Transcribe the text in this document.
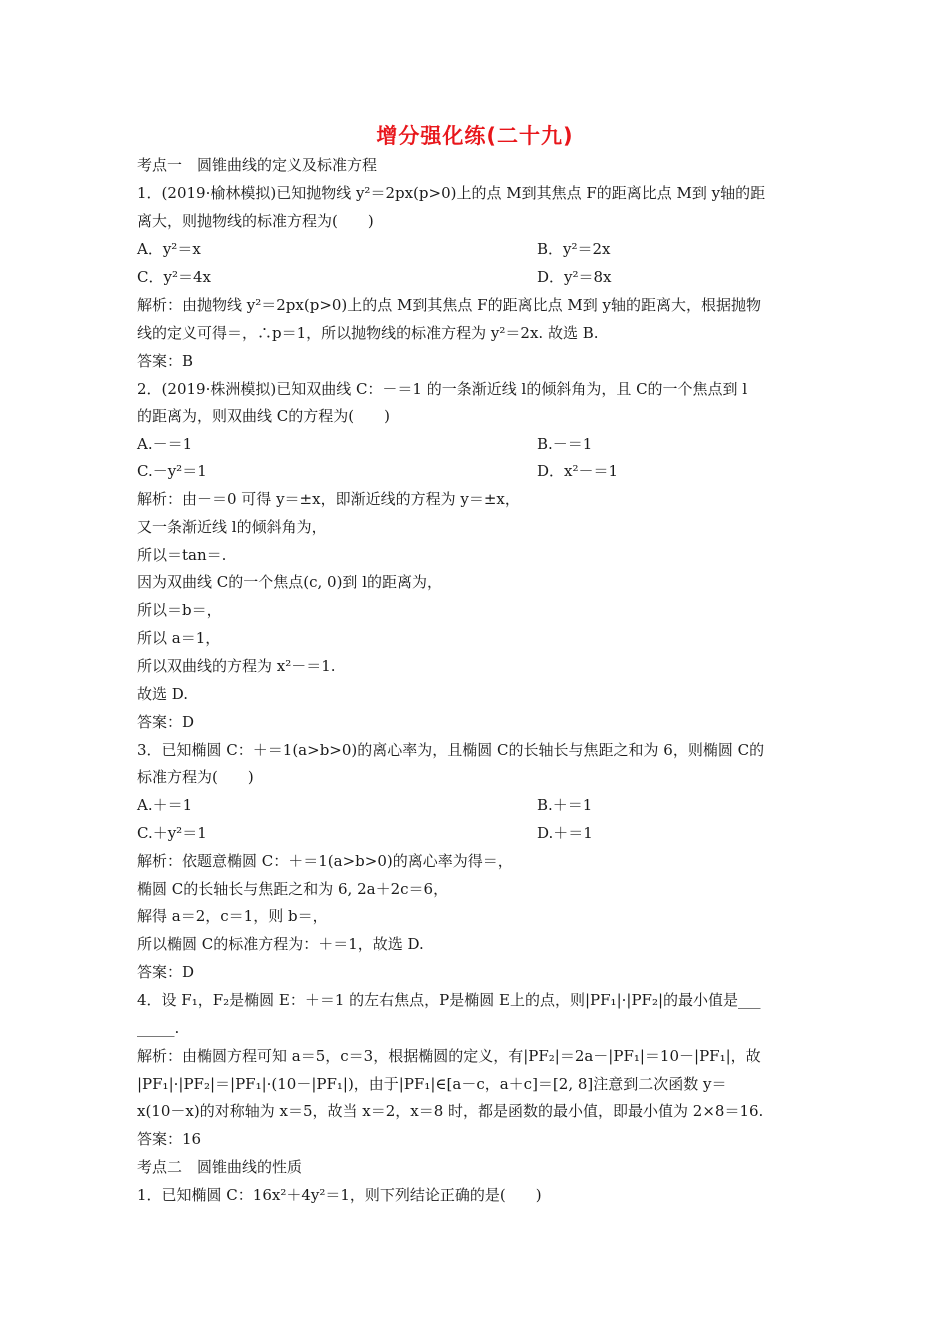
增分强化练(二十九)
考点一　圆锥曲线的定义及标准方程
1．(2019·榆林模拟)已知抛物线 y²＝2px(p>0)上的点 M到其焦点 F的距离比点 M到 y轴的距
离大，则抛物线的标准方程为(　　)
A．y²＝x	B．y²＝2x
C．y²＝4x	D．y²＝8x
解析：由抛物线 y²＝2px(p>0)上的点 M到其焦点 F的距离比点 M到 y轴的距离大，根据抛物
线的定义可得＝，∴p＝1，所以抛物线的标准方程为 y²＝2x. 故选 B.
答案：B
2．(2019·株洲模拟)已知双曲线 C：－＝1 的一条渐近线 l的倾斜角为，且 C的一个焦点到 l
的距离为，则双曲线 C的方程为(　　)
A.－＝1	B.－＝1
C.－y²＝1	D．x²－＝1
解析：由－＝0 可得 y＝±x，即渐近线的方程为 y＝±x，
又一条渐近线 l的倾斜角为，
所以＝tan＝.
因为双曲线 C的一个焦点(c, 0)到 l的距离为，
所以＝b＝，
所以 a＝1，
所以双曲线的方程为 x²－＝1.
故选 D.
答案：D
3．已知椭圆 C：＋＝1(a>b>0)的离心率为，且椭圆 C的长轴长与焦距之和为 6，则椭圆 C的
标准方程为(　　)
A.＋＝1	B.＋＝1
C.＋y²＝1	D.＋＝1
解析：依题意椭圆 C：＋＝1(a>b>0)的离心率为得＝，
椭圆 C的长轴长与焦距之和为 6, 2a＋2c＝6，
解得 a＝2，c＝1，则 b＝，
所以椭圆 C的标准方程为：＋＝1，故选 D.
答案：D
4．设 F₁，F₂是椭圆 E：＋＝1 的左右焦点，P是椭圆 E上的点，则|PF₁|·|PF₂|的最小值是___
_____.
解析：由椭圆方程可知 a＝5，c＝3，根据椭圆的定义，有|PF₂|＝2a－|PF₁|＝10－|PF₁|，故
|PF₁|·|PF₂|＝|PF₁|·(10－|PF₁|)，由于|PF₁|∈[a－c，a＋c]＝[2, 8]注意到二次函数 y＝
x(10－x)的对称轴为 x＝5，故当 x＝2，x＝8 时，都是函数的最小值，即最小值为 2×8＝16.
答案：16
考点二　圆锥曲线的性质
1．已知椭圆 C：16x²＋4y²＝1，则下列结论正确的是(　　)
